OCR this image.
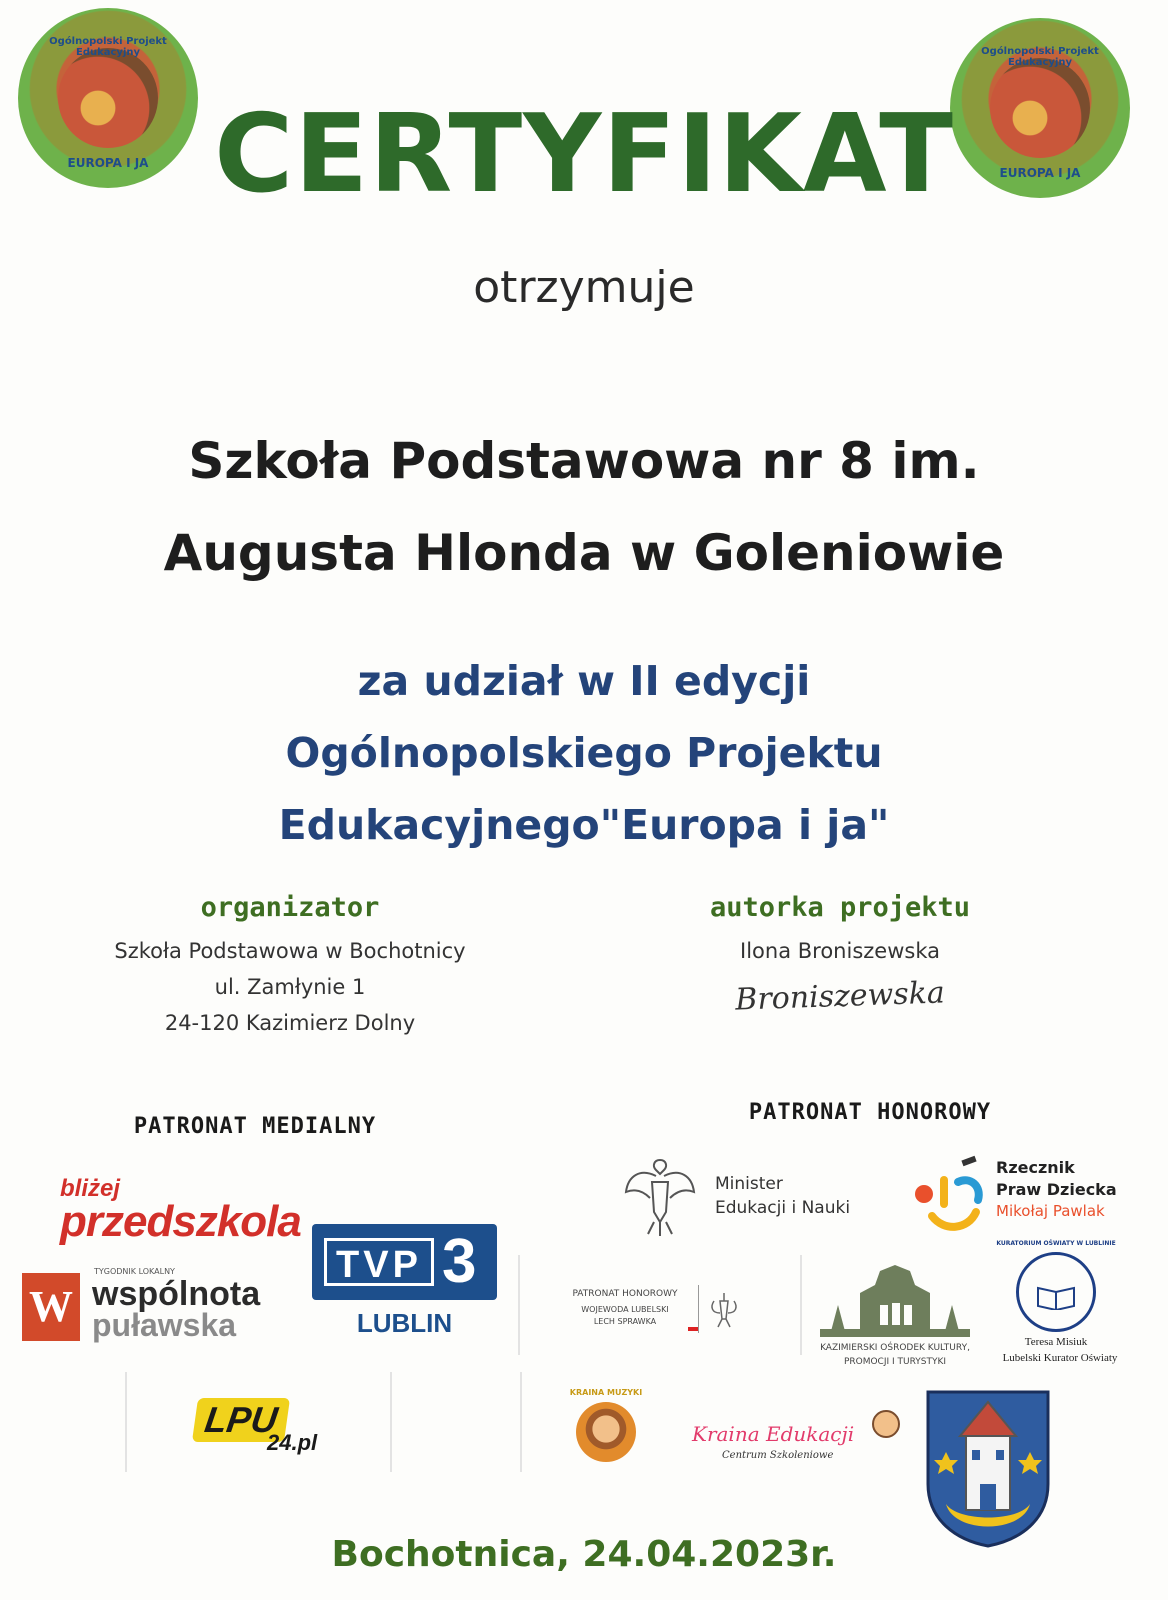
Ogólnopolski Projekt Edukacyjny
EUROPA I JA
Ogólnopolski Projekt Edukacyjny
EUROPA I JA
CERTYFIKAT
otrzymuje
Szkoła Podstawowa nr 8 im.
Augusta Hlonda w Goleniowie
za udział w II edycji
Ogólnopolskiego Projektu
Edukacyjnego"Europa i ja"
organizator
Szkoła Podstawowa w Bochotnicy
ul. Zamłynie 1
24-120 Kazimierz Dolny
autorka projektu
Ilona Broniszewska
Broniszewska
PATRONAT MEDIALNY
bliżej
przedszkola
W
TYGODNIK LOKALNY
wspólnota
puławska
TVP 3
LUBLIN
LPU
24.pl
PATRONAT HONOROWY
Minister
Edukacji i Nauki
Rzecznik
Praw Dziecka
Mikołaj Pawlak
PATRONAT HONOROWY
WOJEWODA LUBELSKI
LECH SPRAWKA
KAZIMIERSKI OŚRODEK KULTURY,
PROMOCJI I TURYSTYKI
KURATORIUM OŚWIATY W LUBLINIE
Teresa Misiuk
Lubelski Kurator Oświaty
KRAINA MUZYKI
Kraina Edukacji
Centrum Szkoleniowe
Bochotnica, 24.04.2023r.
